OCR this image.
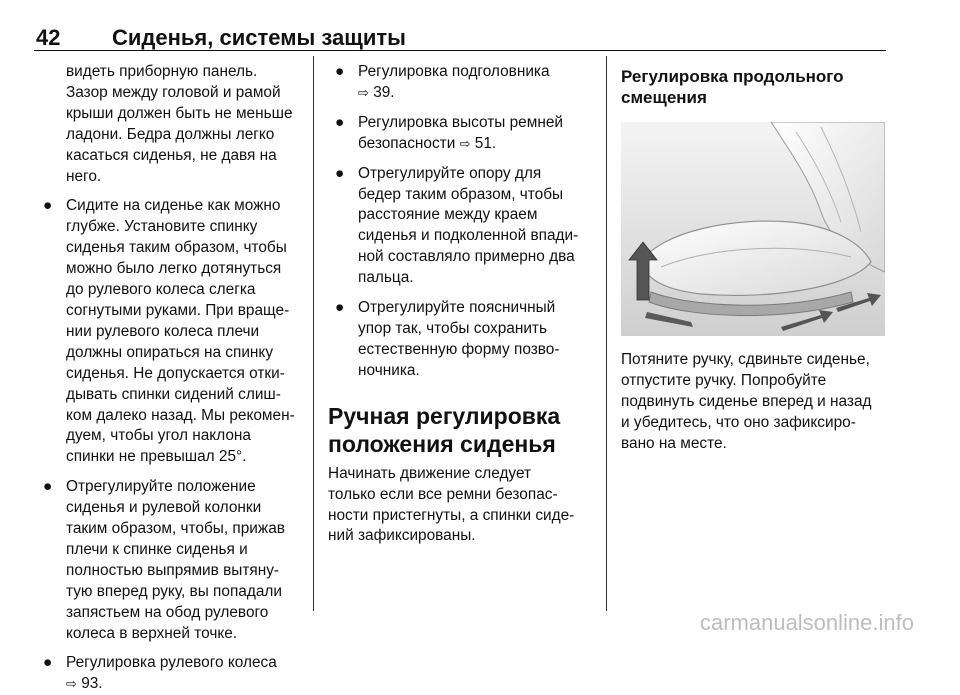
42 Сиденья, системы защиты

видеть приборную панель.

Зазор между головой и рамой

крыши должен быть не меньше

ладони. Бедра должны легко

касаться сиденья, не давя на

него.

● Сидите на сиденье как можно

глубже. Установите спинку

сиденья таким образом, чтобы

можно было легко дотянуться

до рулевого колеса слегка

согнутыми руками. При враще-

нии рулевого колеса плечи

должны опираться на спинку

сиденья. Не допускается отки-

дывать спинки сидений слиш-

ком далеко назад. Мы рекомен-

дуем, чтобы угол наклона

спинки не превышал 25°.

● Отрегулируйте положение

сиденья и рулевой колонки

таким образом, чтобы, прижав

плечи к спинке сиденья и

полностью выпрямив вытяну-

тую вперед руку, вы попадали

запястьем на обод рулевого

колеса в верхней точке.

● Регулировка рулевого колеса

⇨ 93.

● Регулировка подголовника

⇨ 39.

● Регулировка высоты ремней

безопасности ⇨ 51.

● Отрегулируйте опору для

бедер таким образом, чтобы

расстояние между краем

сиденья и подколенной впади-

ной составляло примерно два

пальца.

● Отрегулируйте поясничный

упор так, чтобы сохранить

естественную форму позво-

ночника.

Ручная регулировка
положения сиденья

Начинать движение следует

только если все ремни безопас-

ности пристегнуты, а спинки сиде-

ний зафиксированы.

Регулировка продольного
смещения

Потяните ручку, сдвиньте сиденье,

отпустите ручку. Попробуйте

подвинуть сиденье вперед и назад

и убедитесь, что оно зафиксиро-

вано на месте.

carmanualsonline.info
